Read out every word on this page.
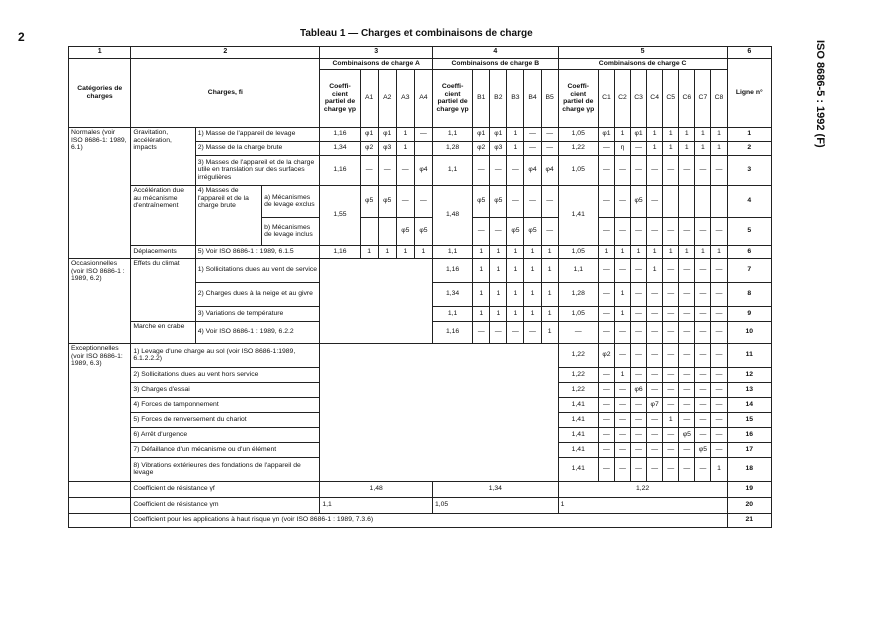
2	Tableau 1 — Charges et combinaisons de charge
ISO 8686-5 : 1992 (F)
1	2			3					4						5									6
Catégories de charges	Charges, fi			Combinaisons de charge A					Combinaisons de charge B						Combinaisons de charge C									Ligne n°
				Coeffi-cient partiel de charge γp	A1	A2	A3	A4	Coeffi-cient partiel de charge γp	B1	B2	B3	B4	B5	Coeffi-cient partiel de charge γp	C1	C2	C3	C4	C5	C6	C7	C8	
Normales (voir ISO 8686-1: 1989, 6.1)	Gravitation, accélération, impacts	1) Masse de l'appareil de levage		1,16	φ1	φ1	1	—	1,1	φ1	φ1	1	—	—	1,05	φ1	1	φ1	1	1	1	1	1	1
		2) Masse de la charge brute		1,34	φ2	φ3	1		1,28	φ2	φ3	1	—	—	1,22	—	η	—	1	1	1	1	1	2
		3) Masses de l'appareil et de la charge utile en translation sur des surfaces irrégulières		1,16	—	—	—	φ4	1,1	—	—	—	φ4	φ4	1,05	—	—	—	—	—	—	—	—	3
	Accélération due au mécanisme d'entraînement	4) Masses de l'appareil et de la charge brute	a) Mécanismes de levage exclus	1,55	φ5	φ5	—	—	1,48	φ5	φ5	—	—	—	1,41	—	—	φ5	—					4
			b) Mécanismes de levage inclus				φ5	φ5		—	—	φ5	φ5	—		—	—	—	—	—	—	—	—	5
	Déplacements	5) Voir ISO 8686-1 : 1989, 6.1.5		1,16	1	1	1	1	1,1	1	1	1	1	1	1,05	1	1	1	1	1	1	1	1	6
Occasionnelles (voir ISO 8686-1 : 1989, 6.2)	Effets du climat	1) Sollicitations dues au vent de service							1,16	1	1	1	1	1	1,1	—	—	—	1	—	—	—	—	7
		2) Charges dues à la neige et au givre							1,34	1	1	1	1	1	1,28	—	1	—	—	—	—	—	—	8
		3) Variations de température							1,1	1	1	1	1	1	1,05	—	1	—	—	—	—	—	—	9
	Marche en crabe	4) Voir ISO 8686-1 : 1989, 6.2.2							1,16	—	—	—	—	1	—	—	—	—	—	—	—	—	—	10
Exceptionnelles (voir ISO 8686-1: 1989, 6.3)	1) Levage d'une charge au sol (voir ISO 8686-1:1989, 6.1.2.2.2)														1,22	φ2	—	—	—	—	—	—	—	11
	2) Sollicitations dues au vent hors service														1,22	—	1	—	—	—	—	—	—	12
	3) Charges d'essai														1,22	—	—	φ6	—	—	—	—	—	13
	4) Forces de tamponnement														1,41	—	—	—	φ7	—	—	—	—	14
	5) Forces de renversement du chariot														1,41	—	—	—	—	1	—	—	—	15
	6) Arrêt d'urgence														1,41	—	—	—	—	—	φ5	—	—	16
	7) Défaillance d'un mécanisme ou d'un élément														1,41	—	—	—	—	—	—	φ5	—	17
	8) Vibrations extérieures des fondations de l'appareil de levage														1,41	—	—	—	—	—	—	—	1	18
	Coefficient de résistance γf			1,48					1,34						1,22									19
	Coefficient de résistance γm			1,1					1,05						1									20
	Coefficient pour les applications à haut risque γn (voir ISO 8686-1 : 1989, 7.3.6)																							21
